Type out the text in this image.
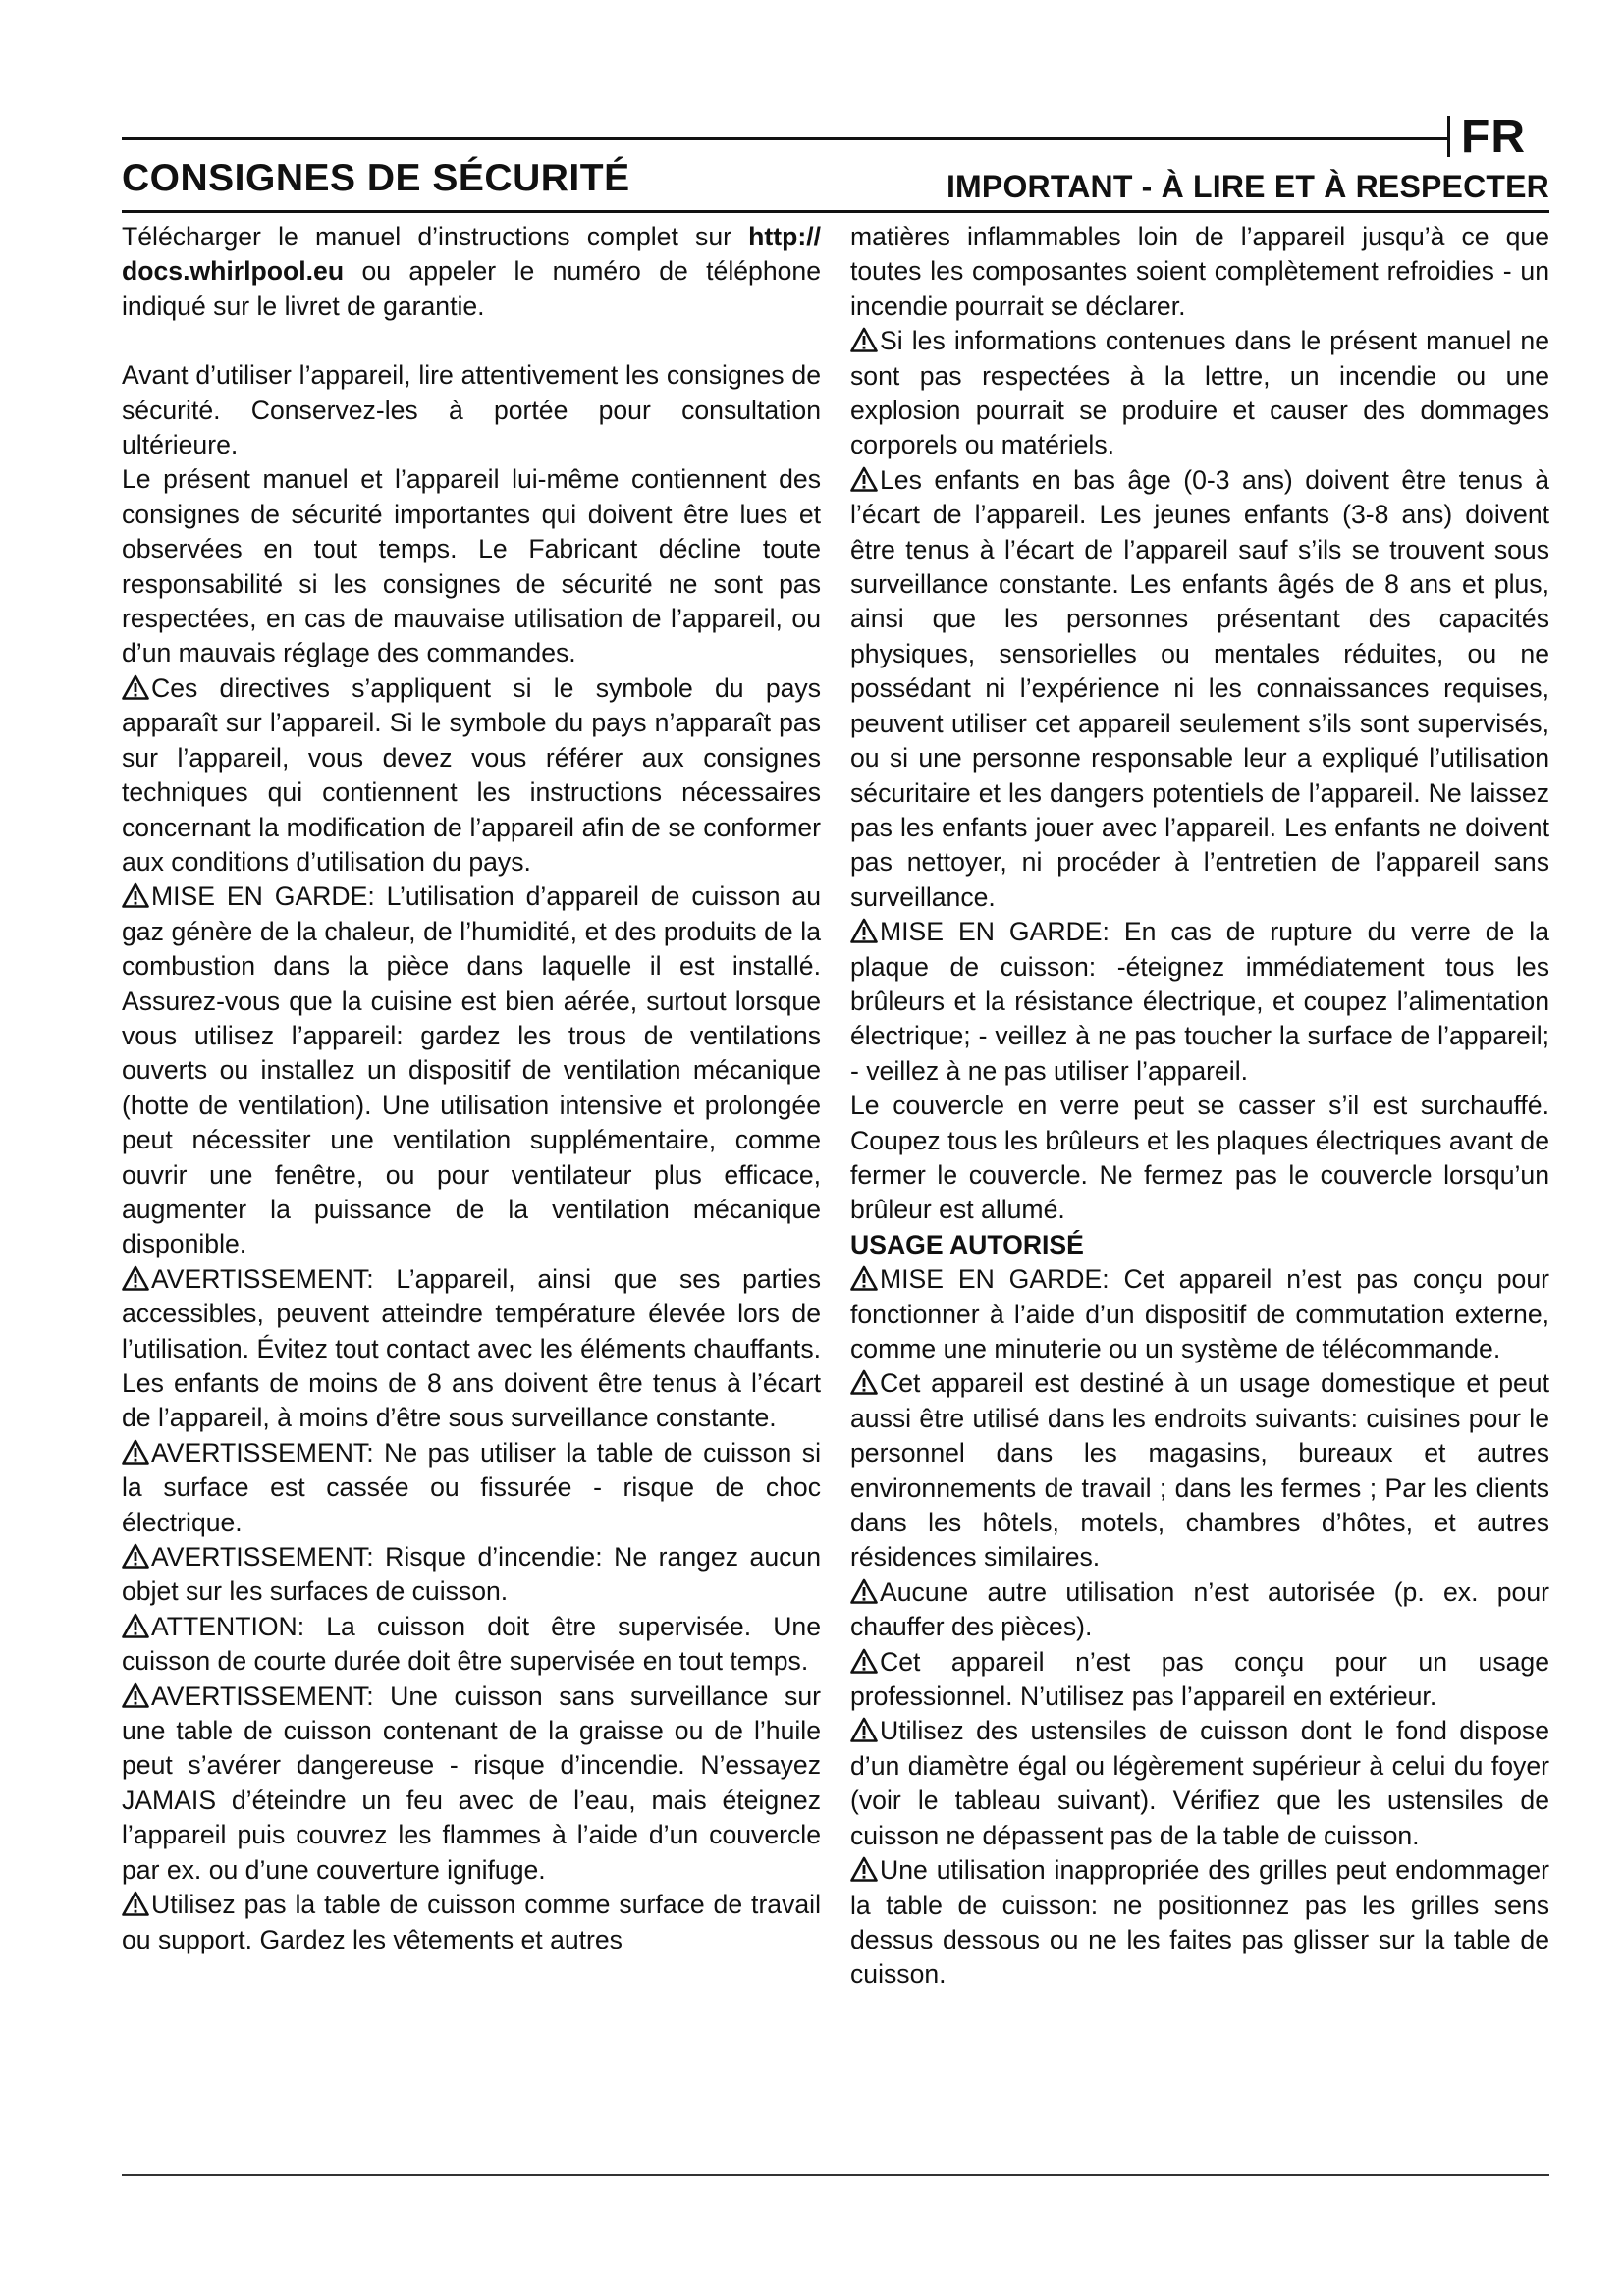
FR
CONSIGNES DE SÉCURITÉ	IMPORTANT - À LIRE ET À RESPECTER

Télécharger le manuel d’instructions complet sur http:// docs.whirlpool.eu ou appeler le numéro de téléphone indiqué sur le livret de garantie.

Avant d’utiliser l’appareil, lire attentivement les consignes de sécurité. Conservez-les à portée pour consultation ultérieure.

Le présent manuel et l’appareil lui-même contiennent des consignes de sécurité importantes qui doivent être lues et observées en tout temps. Le Fabricant décline toute responsabilité si les consignes de sécurité ne sont pas respectées, en cas de mauvaise utilisation de l’appareil, ou d’un mauvais réglage des commandes.

Ces directives s’appliquent si le symbole du pays apparaît sur l’appareil. Si le symbole du pays n’apparaît pas sur l’appareil, vous devez vous référer aux consignes techniques qui contiennent les instructions nécessaires concernant la modification de l’appareil afin de se conformer aux conditions d’utilisation du pays.

MISE EN GARDE: L’utilisation d’appareil de cuisson au gaz génère de la chaleur, de l’humidité, et des produits de la combustion dans la pièce dans laquelle il est installé. Assurez-vous que la cuisine est bien aérée, surtout lorsque vous utilisez l’appareil: gardez les trous de ventilations ouverts ou installez un dispositif de ventilation mécanique (hotte de ventilation). Une utilisation intensive et prolongée peut nécessiter une ventilation supplémentaire, comme ouvrir une fenêtre, ou pour ventilateur plus efficace, augmenter la puissance de la ventilation mécanique disponible.

AVERTISSEMENT: L’appareil, ainsi que ses parties accessibles, peuvent atteindre température élevée lors de l’utilisation. Évitez tout contact avec les éléments chauffants. Les enfants de moins de 8 ans doivent être tenus à l’écart de l’appareil, à moins d’être sous surveillance constante.

AVERTISSEMENT: Ne pas utiliser la table de cuisson si la surface est cassée ou fissurée - risque de choc électrique.

AVERTISSEMENT: Risque d’incendie: Ne rangez aucun objet sur les surfaces de cuisson.

ATTENTION: La cuisson doit être supervisée. Une cuisson de courte durée doit être supervisée en tout temps.

AVERTISSEMENT: Une cuisson sans surveillance sur une table de cuisson contenant de la graisse ou de l’huile peut s’avérer dangereuse - risque d’incendie. N’essayez JAMAIS d’éteindre un feu avec de l’eau, mais éteignez l’appareil puis couvrez les flammes à l’aide d’un couvercle par ex. ou d’une couverture ignifuge.

Utilisez pas la table de cuisson comme surface de travail ou support. Gardez les vêtements et autres

matières inflammables loin de l’appareil jusqu’à ce que toutes les composantes soient complètement refroidies - un incendie pourrait se déclarer.

Si les informations contenues dans le présent manuel ne sont pas respectées à la lettre, un incendie ou une explosion pourrait se produire et causer des dommages corporels ou matériels.

Les enfants en bas âge (0-3 ans) doivent être tenus à l’écart de l’appareil. Les jeunes enfants (3-8 ans) doivent être tenus à l’écart de l’appareil sauf s’ils se trouvent sous surveillance constante. Les enfants âgés de 8 ans et plus, ainsi que les personnes présentant des capacités physiques, sensorielles ou mentales réduites, ou ne possédant ni l’expérience ni les connaissances requises, peuvent utiliser cet appareil seulement s’ils sont supervisés, ou si une personne responsable leur a expliqué l’utilisation sécuritaire et les dangers potentiels de l’appareil. Ne laissez pas les enfants jouer avec l’appareil. Les enfants ne doivent pas nettoyer, ni procéder à l’entretien de l’appareil sans surveillance.

MISE EN GARDE: En cas de rupture du verre de la plaque de cuisson: -éteignez immédiatement tous les brûleurs et la résistance électrique, et coupez l’alimentation électrique; - veillez à ne pas toucher la surface de l’appareil; - veillez à ne pas utiliser l’appareil.

Le couvercle en verre peut se casser s’il est surchauffé. Coupez tous les brûleurs et les plaques électriques avant de fermer le couvercle. Ne fermez pas le couvercle lorsqu’un brûleur est allumé.

USAGE AUTORISÉ

MISE EN GARDE: Cet appareil n’est pas conçu pour fonctionner à l’aide d’un dispositif de commutation externe, comme une minuterie ou un système de télécommande.

Cet appareil est destiné à un usage domestique et peut aussi être utilisé dans les endroits suivants: cuisines pour le personnel dans les magasins, bureaux et autres environnements de travail ; dans les fermes ; Par les clients dans les hôtels, motels, chambres d’hôtes, et autres résidences similaires.

Aucune autre utilisation n’est autorisée (p. ex. pour chauffer des pièces).

Cet appareil n’est pas conçu pour un usage professionnel. N’utilisez pas l’appareil en extérieur.

Utilisez des ustensiles de cuisson dont le fond dispose d’un diamètre égal ou légèrement supérieur à celui du foyer (voir le tableau suivant). Vérifiez que les ustensiles de cuisson ne dépassent pas de la table de cuisson.

Une utilisation inappropriée des grilles peut endommager la table de cuisson: ne positionnez pas les grilles sens dessus dessous ou ne les faites pas glisser sur la table de cuisson.
